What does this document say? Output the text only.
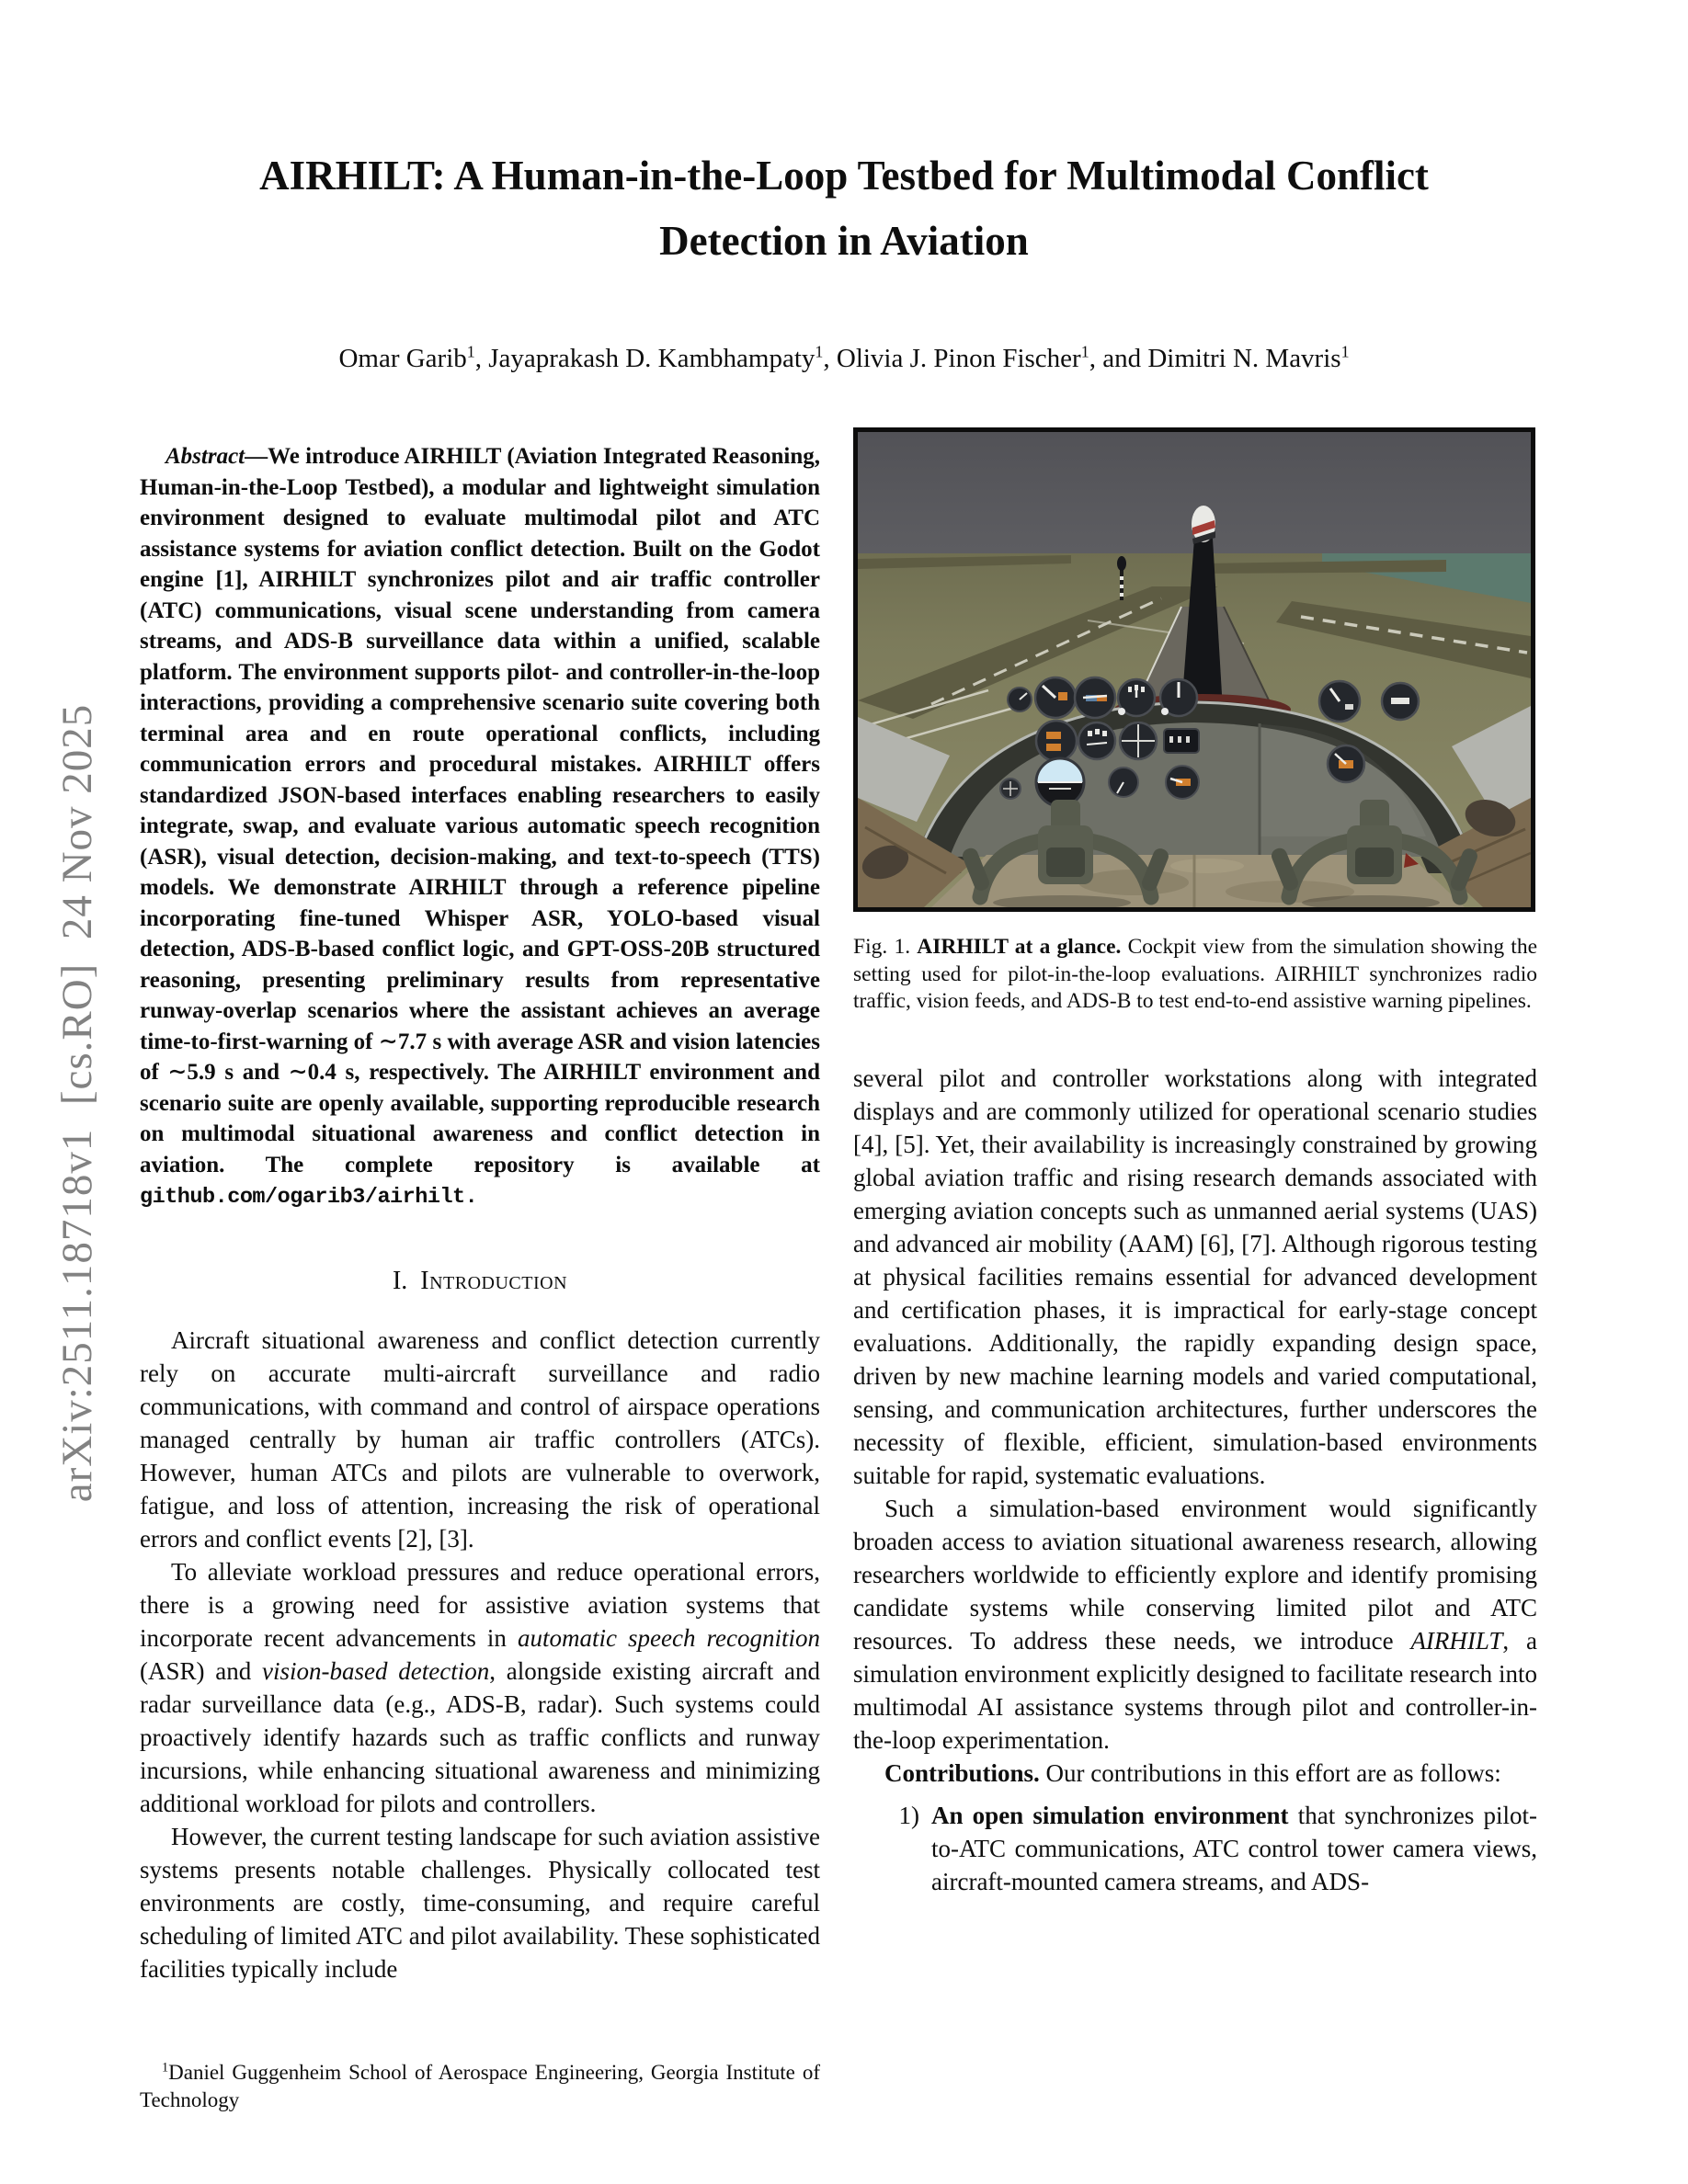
arXiv:2511.18718v1  [cs.RO]  24 Nov 2025
AIRHILT: A Human-in-the-Loop Testbed for Multimodal Conflict
Detection in Aviation
Omar Garib$^1$, Jayaprakash D. Kambhampaty$^1$, Olivia J. Pinon Fischer$^1$, and Dimitri N. Mavris$^1$

Abstract—We introduce AIRHILT (Aviation Integrated Reasoning, Human-in-the-Loop Testbed), a modular and lightweight simulation environment designed to evaluate multimodal pilot and ATC assistance systems for aviation conflict detection. Built on the Godot engine [1], AIRHILT synchronizes pilot and air traffic controller (ATC) communications, visual scene understanding from camera streams, and ADS-B surveillance data within a unified, scalable platform. The environment supports pilot- and controller-in-the-loop interactions, providing a comprehensive scenario suite covering both terminal area and en route operational conflicts, including communication errors and procedural mistakes. AIRHILT offers standardized JSON-based interfaces enabling researchers to easily integrate, swap, and evaluate various automatic speech recognition (ASR), visual detection, decision-making, and text-to-speech (TTS) models. We demonstrate AIRHILT through a reference pipeline incorporating fine-tuned Whisper ASR, YOLO-based visual detection, ADS-B-based conflict logic, and GPT-OSS-20B structured reasoning, presenting preliminary results from representative runway-overlap scenarios where the assistant achieves an average time-to-first-warning of ∼7.7 s with average ASR and vision latencies of ∼5.9 s and ∼0.4 s, respectively. The AIRHILT environment and scenario suite are openly available, supporting reproducible research on multimodal situational awareness and conflict detection in aviation. The complete repository is available at github.com/ogarib3/airhilt.

I. Introduction

Aircraft situational awareness and conflict detection currently rely on accurate multi-aircraft surveillance and radio communications, with command and control of airspace operations managed centrally by human air traffic controllers (ATCs). However, human ATCs and pilots are vulnerable to overwork, fatigue, and loss of attention, increasing the risk of operational errors and conflict events [2], [3].

To alleviate workload pressures and reduce operational errors, there is a growing need for assistive aviation systems that incorporate recent advancements in automatic speech recognition (ASR) and vision-based detection, alongside existing aircraft and radar surveillance data (e.g., ADS-B, radar). Such systems could proactively identify hazards such as traffic conflicts and runway incursions, while enhancing situational awareness and minimizing additional workload for pilots and controllers.

However, the current testing landscape for such aviation assistive systems presents notable challenges. Physically collocated test environments are costly, time-consuming, and require careful scheduling of limited ATC and pilot availability. These sophisticated facilities typically include

Fig. 1. AIRHILT at a glance. Cockpit view from the simulation showing the setting used for pilot-in-the-loop evaluations. AIRHILT synchronizes radio traffic, vision feeds, and ADS-B to test end-to-end assistive warning pipelines.

several pilot and controller workstations along with integrated displays and are commonly utilized for operational scenario studies [4], [5]. Yet, their availability is increasingly constrained by growing global aviation traffic and rising research demands associated with emerging aviation concepts such as unmanned aerial systems (UAS) and advanced air mobility (AAM) [6], [7]. Although rigorous testing at physical facilities remains essential for advanced development and certification phases, it is impractical for early-stage concept evaluations. Additionally, the rapidly expanding design space, driven by new machine learning models and varied computational, sensing, and communication architectures, further underscores the necessity of flexible, efficient, simulation-based environments suitable for rapid, systematic evaluations.

Such a simulation-based environment would significantly broaden access to aviation situational awareness research, allowing researchers worldwide to efficiently explore and identify promising candidate systems while conserving limited pilot and ATC resources. To address these needs, we introduce AIRHILT, a simulation environment explicitly designed to facilitate research into multimodal AI assistance systems through pilot and controller-in-the-loop experimentation.

Contributions. Our contributions in this effort are as follows:

1) An open simulation environment that synchronizes pilot-to-ATC communications, ATC control tower camera views, aircraft-mounted camera streams, and ADS-
$^1$Daniel Guggenheim School of Aerospace Engineering, Georgia Institute of Technology
